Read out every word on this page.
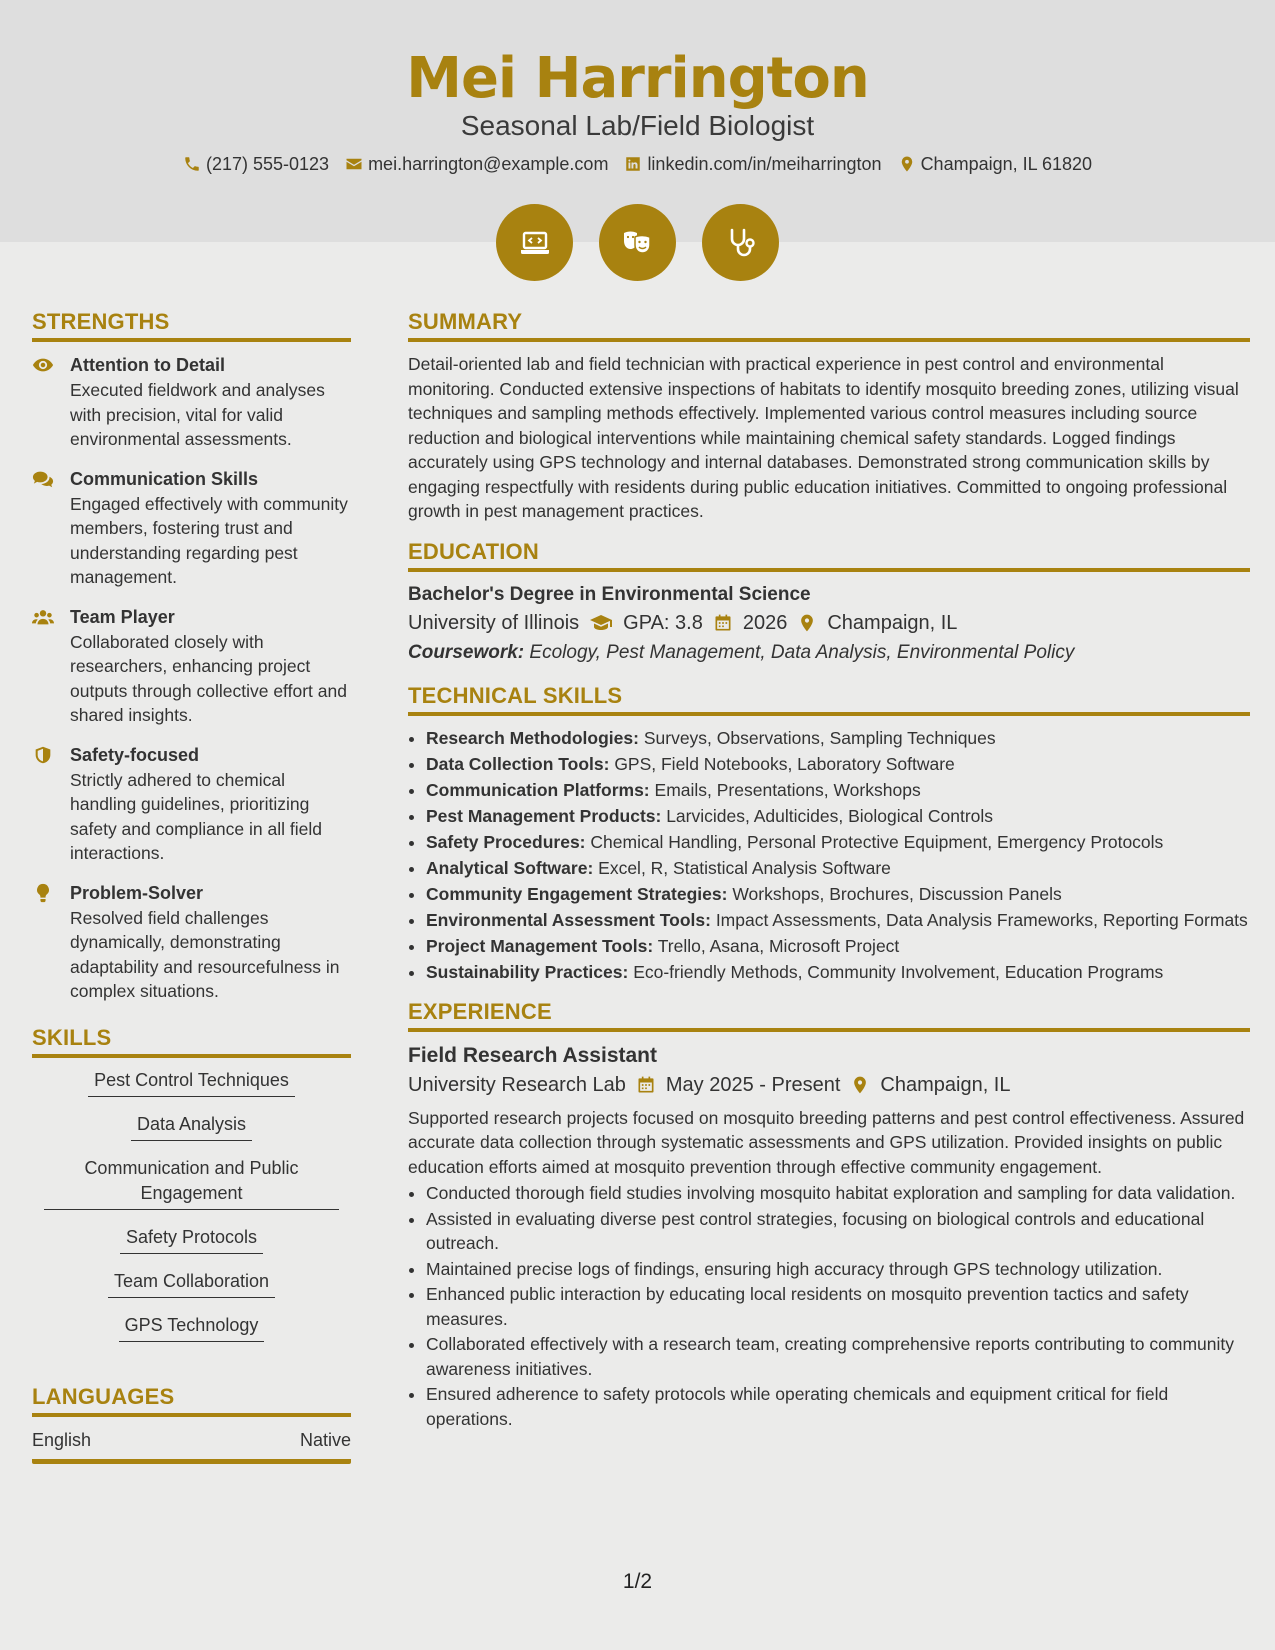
Mei Harrington
Seasonal Lab/Field Biologist
(217) 555-0123 mei.harrington@example.com linkedin.com/in/meiharrington Champaign, IL 61820
STRENGTHS
Attention to Detail
Executed fieldwork and analyses with precision, vital for valid environmental assessments.
Communication Skills
Engaged effectively with community members, fostering trust and understanding regarding pest management.
Team Player
Collaborated closely with researchers, enhancing project outputs through collective effort and shared insights.
Safety-focused
Strictly adhered to chemical handling guidelines, prioritizing safety and compliance in all field interactions.
Problem-Solver
Resolved field challenges dynamically, demonstrating adaptability and resourcefulness in complex situations.
SKILLS
Pest Control Techniques
Data Analysis
Communication and Public Engagement
Safety Protocols
Team Collaboration
GPS Technology
LANGUAGES
English	Native
SUMMARY
Detail-oriented lab and field technician with practical experience in pest control and environmental monitoring. Conducted extensive inspections of habitats to identify mosquito breeding zones, utilizing visual techniques and sampling methods effectively. Implemented various control measures including source reduction and biological interventions while maintaining chemical safety standards. Logged findings accurately using GPS technology and internal databases. Demonstrated strong communication skills by engaging respectfully with residents during public education initiatives. Committed to ongoing professional growth in pest management practices.
EDUCATION
Bachelor's Degree in Environmental Science
University of Illinois GPA: 3.8 2026 Champaign, IL
Coursework: Ecology, Pest Management, Data Analysis, Environmental Policy
TECHNICAL SKILLS
• Research Methodologies: Surveys, Observations, Sampling Techniques
• Data Collection Tools: GPS, Field Notebooks, Laboratory Software
• Communication Platforms: Emails, Presentations, Workshops
• Pest Management Products: Larvicides, Adulticides, Biological Controls
• Safety Procedures: Chemical Handling, Personal Protective Equipment, Emergency Protocols
• Analytical Software: Excel, R, Statistical Analysis Software
• Community Engagement Strategies: Workshops, Brochures, Discussion Panels
• Environmental Assessment Tools: Impact Assessments, Data Analysis Frameworks, Reporting Formats
• Project Management Tools: Trello, Asana, Microsoft Project
• Sustainability Practices: Eco-friendly Methods, Community Involvement, Education Programs
EXPERIENCE
Field Research Assistant
University Research Lab May 2025 - Present Champaign, IL
Supported research projects focused on mosquito breeding patterns and pest control effectiveness. Assured accurate data collection through systematic assessments and GPS utilization. Provided insights on public education efforts aimed at mosquito prevention through effective community engagement.
• Conducted thorough field studies involving mosquito habitat exploration and sampling for data validation.
• Assisted in evaluating diverse pest control strategies, focusing on biological controls and educational outreach.
• Maintained precise logs of findings, ensuring high accuracy through GPS technology utilization.
• Enhanced public interaction by educating local residents on mosquito prevention tactics and safety measures.
• Collaborated effectively with a research team, creating comprehensive reports contributing to community awareness initiatives.
• Ensured adherence to safety protocols while operating chemicals and equipment critical for field operations.
1/2
